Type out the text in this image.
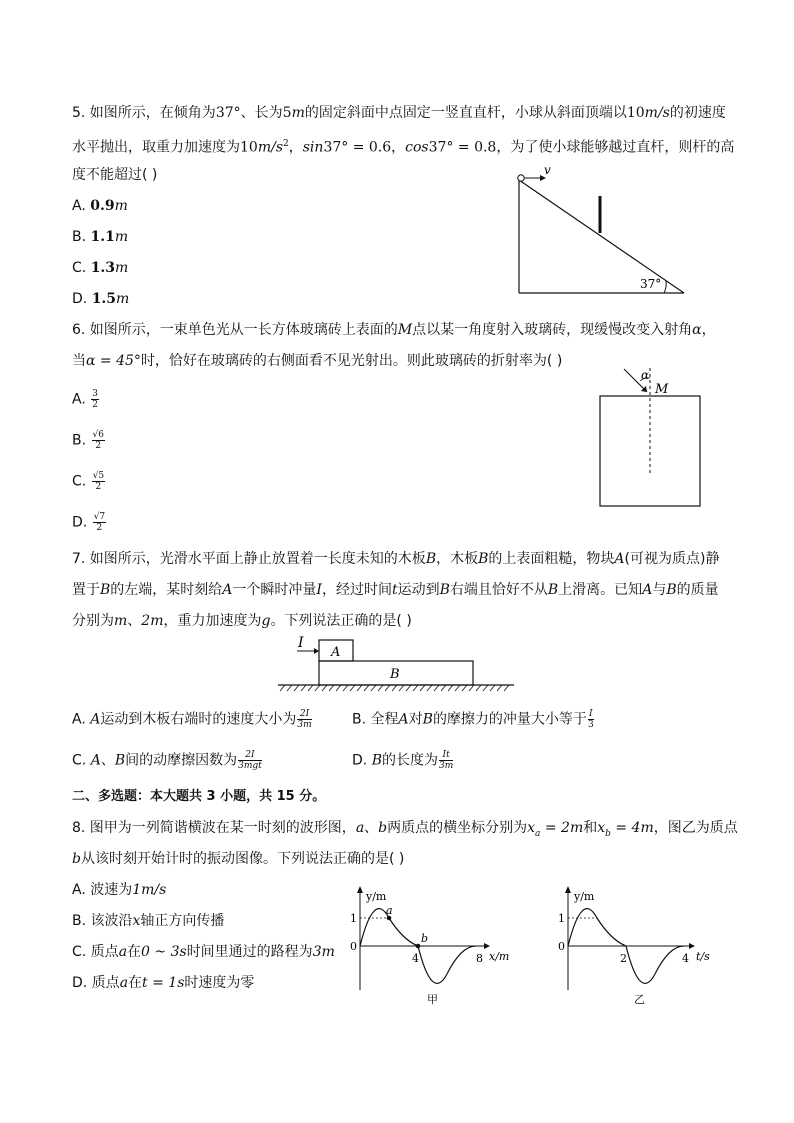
5. 如图所示，在倾角为37°、长为5m的固定斜面中点固定一竖直直杆，小球从斜面顶端以10m/s的初速度
水平抛出，取重力加速度为$10m/s^2$，sin37° = 0.6，cos37° = 0.8，为了使小球能够越过直杆，则杆的高
度不能超过( )
A. 0.9m
B. 1.1m
C. 1.3m
D. 1.5m
v
37°
6. 如图所示，一束单色光从一长方体玻璃砖上表面的M点以某一角度射入玻璃砖，现缓慢改变入射角α，
当α = 45°时，恰好在玻璃砖的右侧面看不见光射出。则此玻璃砖的折射率为( )
A. $\frac{3}{2}$
B. $\frac{√6}{2}$
C. $\frac{√5}{2}$
D. $\frac{√7}{2}$
α
M
7. 如图所示，光滑水平面上静止放置着一长度未知的木板B，木板B的上表面粗糙，物块A(可视为质点)静
置于B的左端，某时刻给A一个瞬时冲量I，经过时间t运动到B右端且恰好不从B上滑离。已知A与B的质量
分别为m、2m，重力加速度为g。下列说法正确的是( )
I
A
B
A. A运动到木板右端时的速度大小为 $\frac{2I}{3m}$	B. 全程A对B的摩擦力的冲量大小等于 $\frac{I}{3}$
C. A、B间的动摩擦因数为 $\frac{2I}{\text{3mgt}}$	D. B的长度为 $\frac{It}{3m}$
二、多选题：本大题共 3 小题，共 15 分。
8. 图甲为一列简谐横波在某一时刻的波形图，a、b两质点的横坐标分别为$x_a = 2m$和$x_b = 4m$，图乙为质点
b从该时刻开始计时的振动图像。下列说法正确的是( )
A. 波速为1m/s
B. 该波沿x轴正方向传播
C. 质点a在0 ~ 3s时间里通过的路程为3m
D. 质点a在t = 1s时速度为零
y/m
1
0
a
b
4	8 x/m
甲
y/m
1
0
2	4 t/s
乙
